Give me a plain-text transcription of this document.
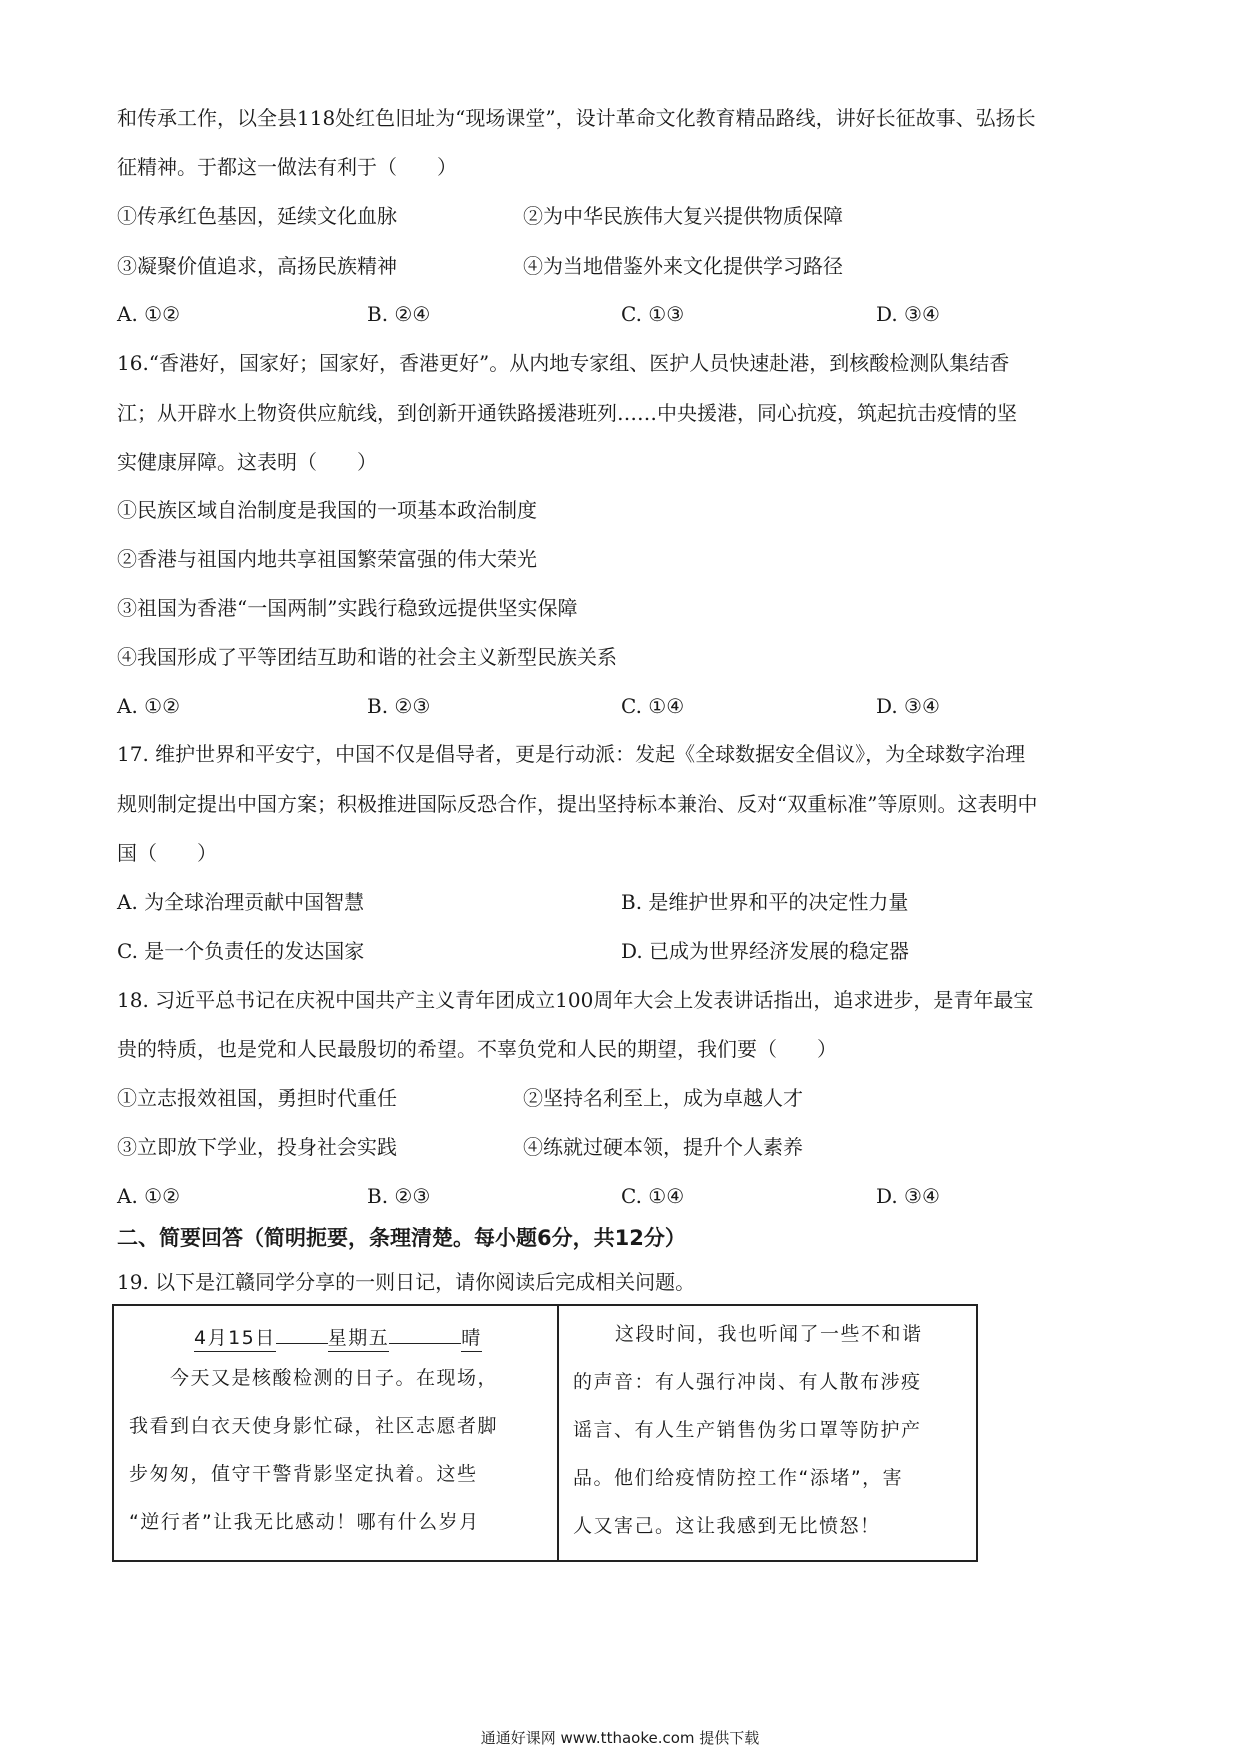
和传承工作，以全县118处红色旧址为“现场课堂”，设计革命文化教育精品路线，讲好长征故事、弘扬长
征精神。于都这一做法有利于（　　）
①传承红色基因，延续文化血脉	②为中华民族伟大复兴提供物质保障
③凝聚价值追求，高扬民族精神	④为当地借鉴外来文化提供学习路径
A. ①②	B. ②④	C. ①③	D. ③④
16.“香港好，国家好；国家好，香港更好”。从内地专家组、医护人员快速赴港，到核酸检测队集结香
江；从开辟水上物资供应航线，到创新开通铁路援港班列……中央援港，同心抗疫，筑起抗击疫情的坚
实健康屏障。这表明（　　）
①民族区域自治制度是我国的一项基本政治制度
②香港与祖国内地共享祖国繁荣富强的伟大荣光
③祖国为香港“一国两制”实践行稳致远提供坚实保障
④我国形成了平等团结互助和谐的社会主义新型民族关系
A. ①②	B. ②③	C. ①④	D. ③④
17. 维护世界和平安宁，中国不仅是倡导者，更是行动派：发起《全球数据安全倡议》，为全球数字治理
规则制定提出中国方案；积极推进国际反恐合作，提出坚持标本兼治、反对“双重标准”等原则。这表明中
国（　　）
A. 为全球治理贡献中国智慧	B. 是维护世界和平的决定性力量
C. 是一个负责任的发达国家	D. 已成为世界经济发展的稳定器
18. 习近平总书记在庆祝中国共产主义青年团成立100周年大会上发表讲话指出，追求进步，是青年最宝
贵的特质，也是党和人民最殷切的希望。不辜负党和人民的期望，我们要（　　）
①立志报效祖国，勇担时代重任	②坚持名利至上，成为卓越人才
③立即放下学业，投身社会实践	④练就过硬本领，提升个人素养
A. ①②	B. ②③	C. ①④	D. ③④
二、简要回答（简明扼要，条理清楚。每小题6分，共12分）
19. 以下是江赣同学分享的一则日记，请你阅读后完成相关问题。
4月15日	星期五	晴
今天又是核酸检测的日子。在现场，
我看到白衣天使身影忙碌，社区志愿者脚
步匆匆，值守干警背影坚定执着。这些
“逆行者”让我无比感动！哪有什么岁月
这段时间，我也听闻了一些不和谐
的声音：有人强行冲岗、有人散布涉疫
谣言、有人生产销售伪劣口罩等防护产
品。他们给疫情防控工作“添堵”，害
人又害己。这让我感到无比愤怒！
通通好课网 www.tthaoke.com 提供下载
